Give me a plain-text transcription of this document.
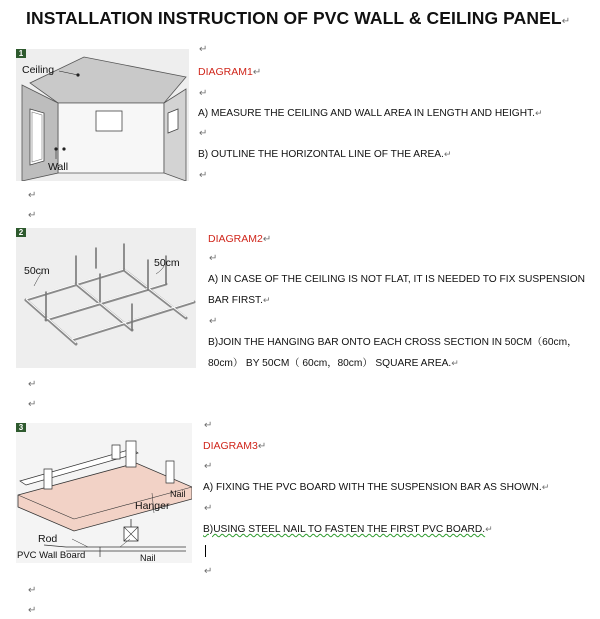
INSTALLATION INSTRUCTION OF PVC WALL & CEILING PANEL↵
1
Ceiling
Wall
↵
DIAGRAM1↵
↵
A) MEASURE THE CEILING AND WALL AREA IN LENGTH AND HEIGHT.↵
↵
B) OUTLINE THE HORIZONTAL LINE OF THE AREA.↵
↵
↵
↵
2
50cm
50cm
DIAGRAM2↵
↵
A) IN CASE OF THE CEILING IS NOT FLAT, IT IS NEEDED TO FIX SUSPENSION BAR FIRST.↵
↵
B)JOIN THE HANGING BAR ONTO EACH CROSS SECTION IN 50CM（60cm，80cm） BY 50CM（ 60cm，80cm） SQUARE AREA.↵
↵
↵
3
Nail
Hanger
Rod
PVC Wall Board	Nail
↵
DIAGRAM3↵
↵
A) FIXING THE PVC BOARD WITH THE SUSPENSION BAR AS SHOWN.↵
↵
B)USING STEEL NAIL TO FASTEN THE FIRST PVC BOARD.↵
↵
↵
↵
